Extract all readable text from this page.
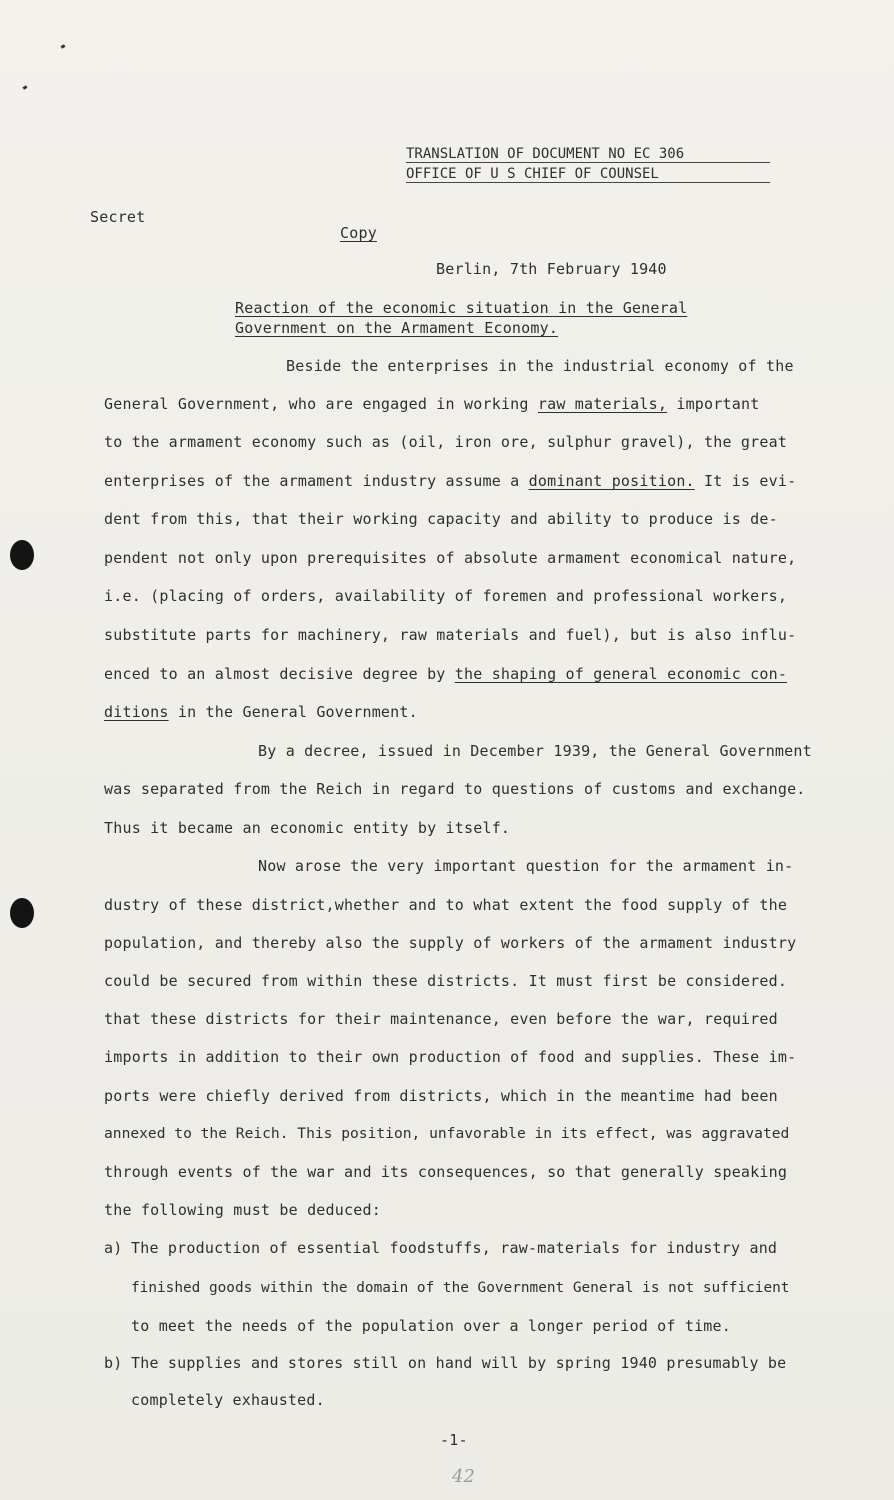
TRANSLATION OF DOCUMENT NO EC 306
OFFICE OF U S CHIEF OF COUNSEL
Secret
Copy
Berlin, 7th February 1940
Reaction of the economic situation in the General
Government on the Armament Economy.
Beside the enterprises in the industrial economy of the
General Government, who are engaged in working raw materials, important
to the armament economy such as (oil, iron ore, sulphur gravel), the great
enterprises of the armament industry assume a dominant position. It is evi-
dent from this, that their working capacity and ability to produce is de-
pendent not only upon prerequisites of absolute armament economical nature,
i.e. (placing of orders, availability of foremen and professional workers,
substitute parts for machinery, raw materials and fuel), but is also influ-
enced to an almost decisive degree by the shaping of general economic con-
ditions in the General Government.
By a decree, issued in December 1939, the General Government
was separated from the Reich in regard to questions of customs and exchange.
Thus it became an economic entity by itself.
Now arose the very important question for the armament in-
dustry of these district,whether and to what extent the food supply of the
population, and thereby also the supply of workers of the armament industry
could be secured from within these districts. It must first be considered.
that these districts for their maintenance, even before the war, required
imports in addition to their own production of food and supplies. These im-
ports were chiefly derived from districts, which in the meantime had been
annexed to the Reich. This position, unfavorable in its effect, was aggravated
through events of the war and its consequences, so that generally speaking
the following must be deduced:
a) The production of essential foodstuffs, raw-materials for industry and
finished goods within the domain of the Government General is not sufficient
to meet the needs of the population over a longer period of time.
b) The supplies and stores still on hand will by spring 1940 presumably be
completely exhausted.
-1-
42
